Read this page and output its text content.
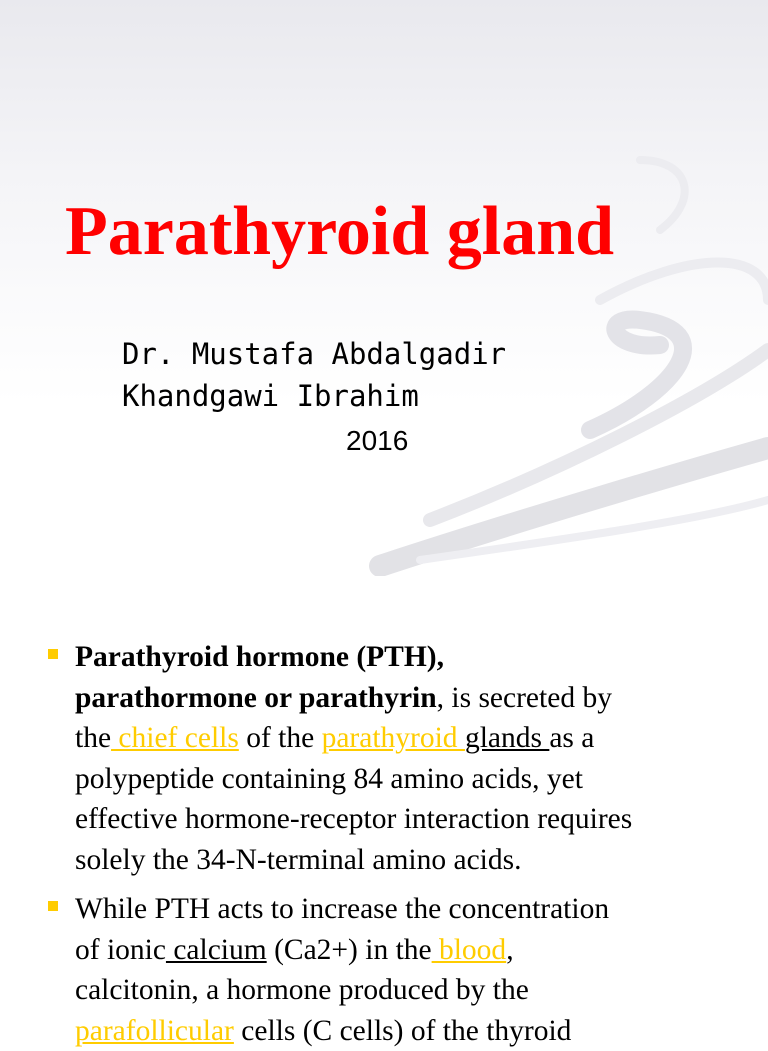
Parathyroid gland

Dr. Mustafa Abdalgadir
Khandgawi Ibrahim

2016

Parathyroid hormone (PTH),
parathormone or parathyrin, is secreted by
the chief cells of the parathyroid glands as a
polypeptide containing 84 amino acids, yet
effective hormone-receptor interaction requires
solely the 34-N-terminal amino acids.
While PTH acts to increase the concentration
of ionic calcium (Ca2+) in the blood,
calcitonin, a hormone produced by the
parafollicular cells (C cells) of the thyroid
